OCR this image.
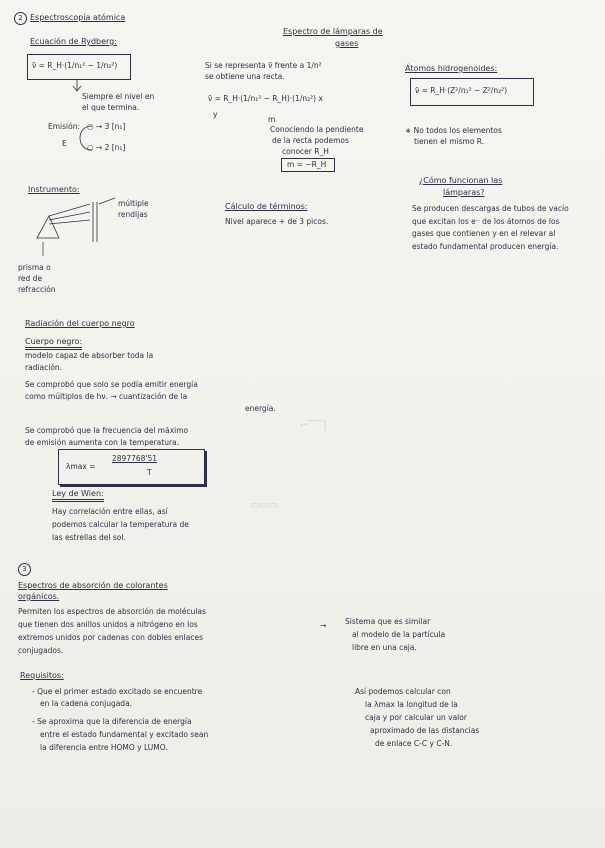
⌐‾‾‾|
▭▭▭
2 Espectroscopía atómica
Ecuación de Rydberg:
ν̄ = R_H·(1/n₁² − 1/n₂²)
Siempre el nivel en
el que termina.
Emisión: ○ → 3 [n₁]
E	○ → 2 [n₁]
Instrumento:
múltiple
rendijas
prisma o
red de
refracción
Espectro de lámparas de
gases
Si se representa ν̄ frente a 1/n²
se obtiene una recta.
ν̄ = R_H·(1/n₁² − R_H)·(1/n₂²) x
y
m
Conociendo la pendiente
de la recta podemos
conocer R_H
m = −R_H
Cálculo de términos:
Nivel aparece + de 3 picos.
Átomos hidrogenoides:
ν̄ = R_H·(Z²/n₁² − Z²/n₂²)
∗ No todos los elementos
tienen el mismo R.
¿Cómo funcionan las
lámparas?
Se producen descargas de tubos de vacío que excitan los e⁻ de los átomos de los gases que contienen y en el relevar al estado fundamental producen energía.
Radiación del cuerpo negro
Cuerpo negro:
modelo capaz de absorber toda la
radiación.
Se comprobó que solo se podía emitir energía
como múltiplos de hν. → cuantización de la
energía.
Se comprobó que la frecuencia del máximo
de emisión aumenta con la temperatura.
λmax =
2897768'51
T
Ley de Wien:
Hay correlación entre ellas, así
podemos calcular la temperatura de
las estrellas del sol.
3
Espectros de absorción de colorantes
orgánicos.
Permiten los espectros de absorción de moléculas
que tienen dos anillos unidos a nitrógeno en los
extremos unidos por cadenas con dobles enlaces
conjugados.
→ Sistema que es similar
al modelo de la partícula
libre en una caja.
Requisitos:
- Que el primer estado excitado se encuentre
en la cadena conjugada.
- Se aproxima que la diferencia de energía
entre el estado fundamental y excitado sean
la diferencia entre HOMO y LUMO.
Así podemos calcular con
la λmax la longitud de la
caja y por calcular un valor
aproximado de las distancias
de enlace C-C y C-N.
